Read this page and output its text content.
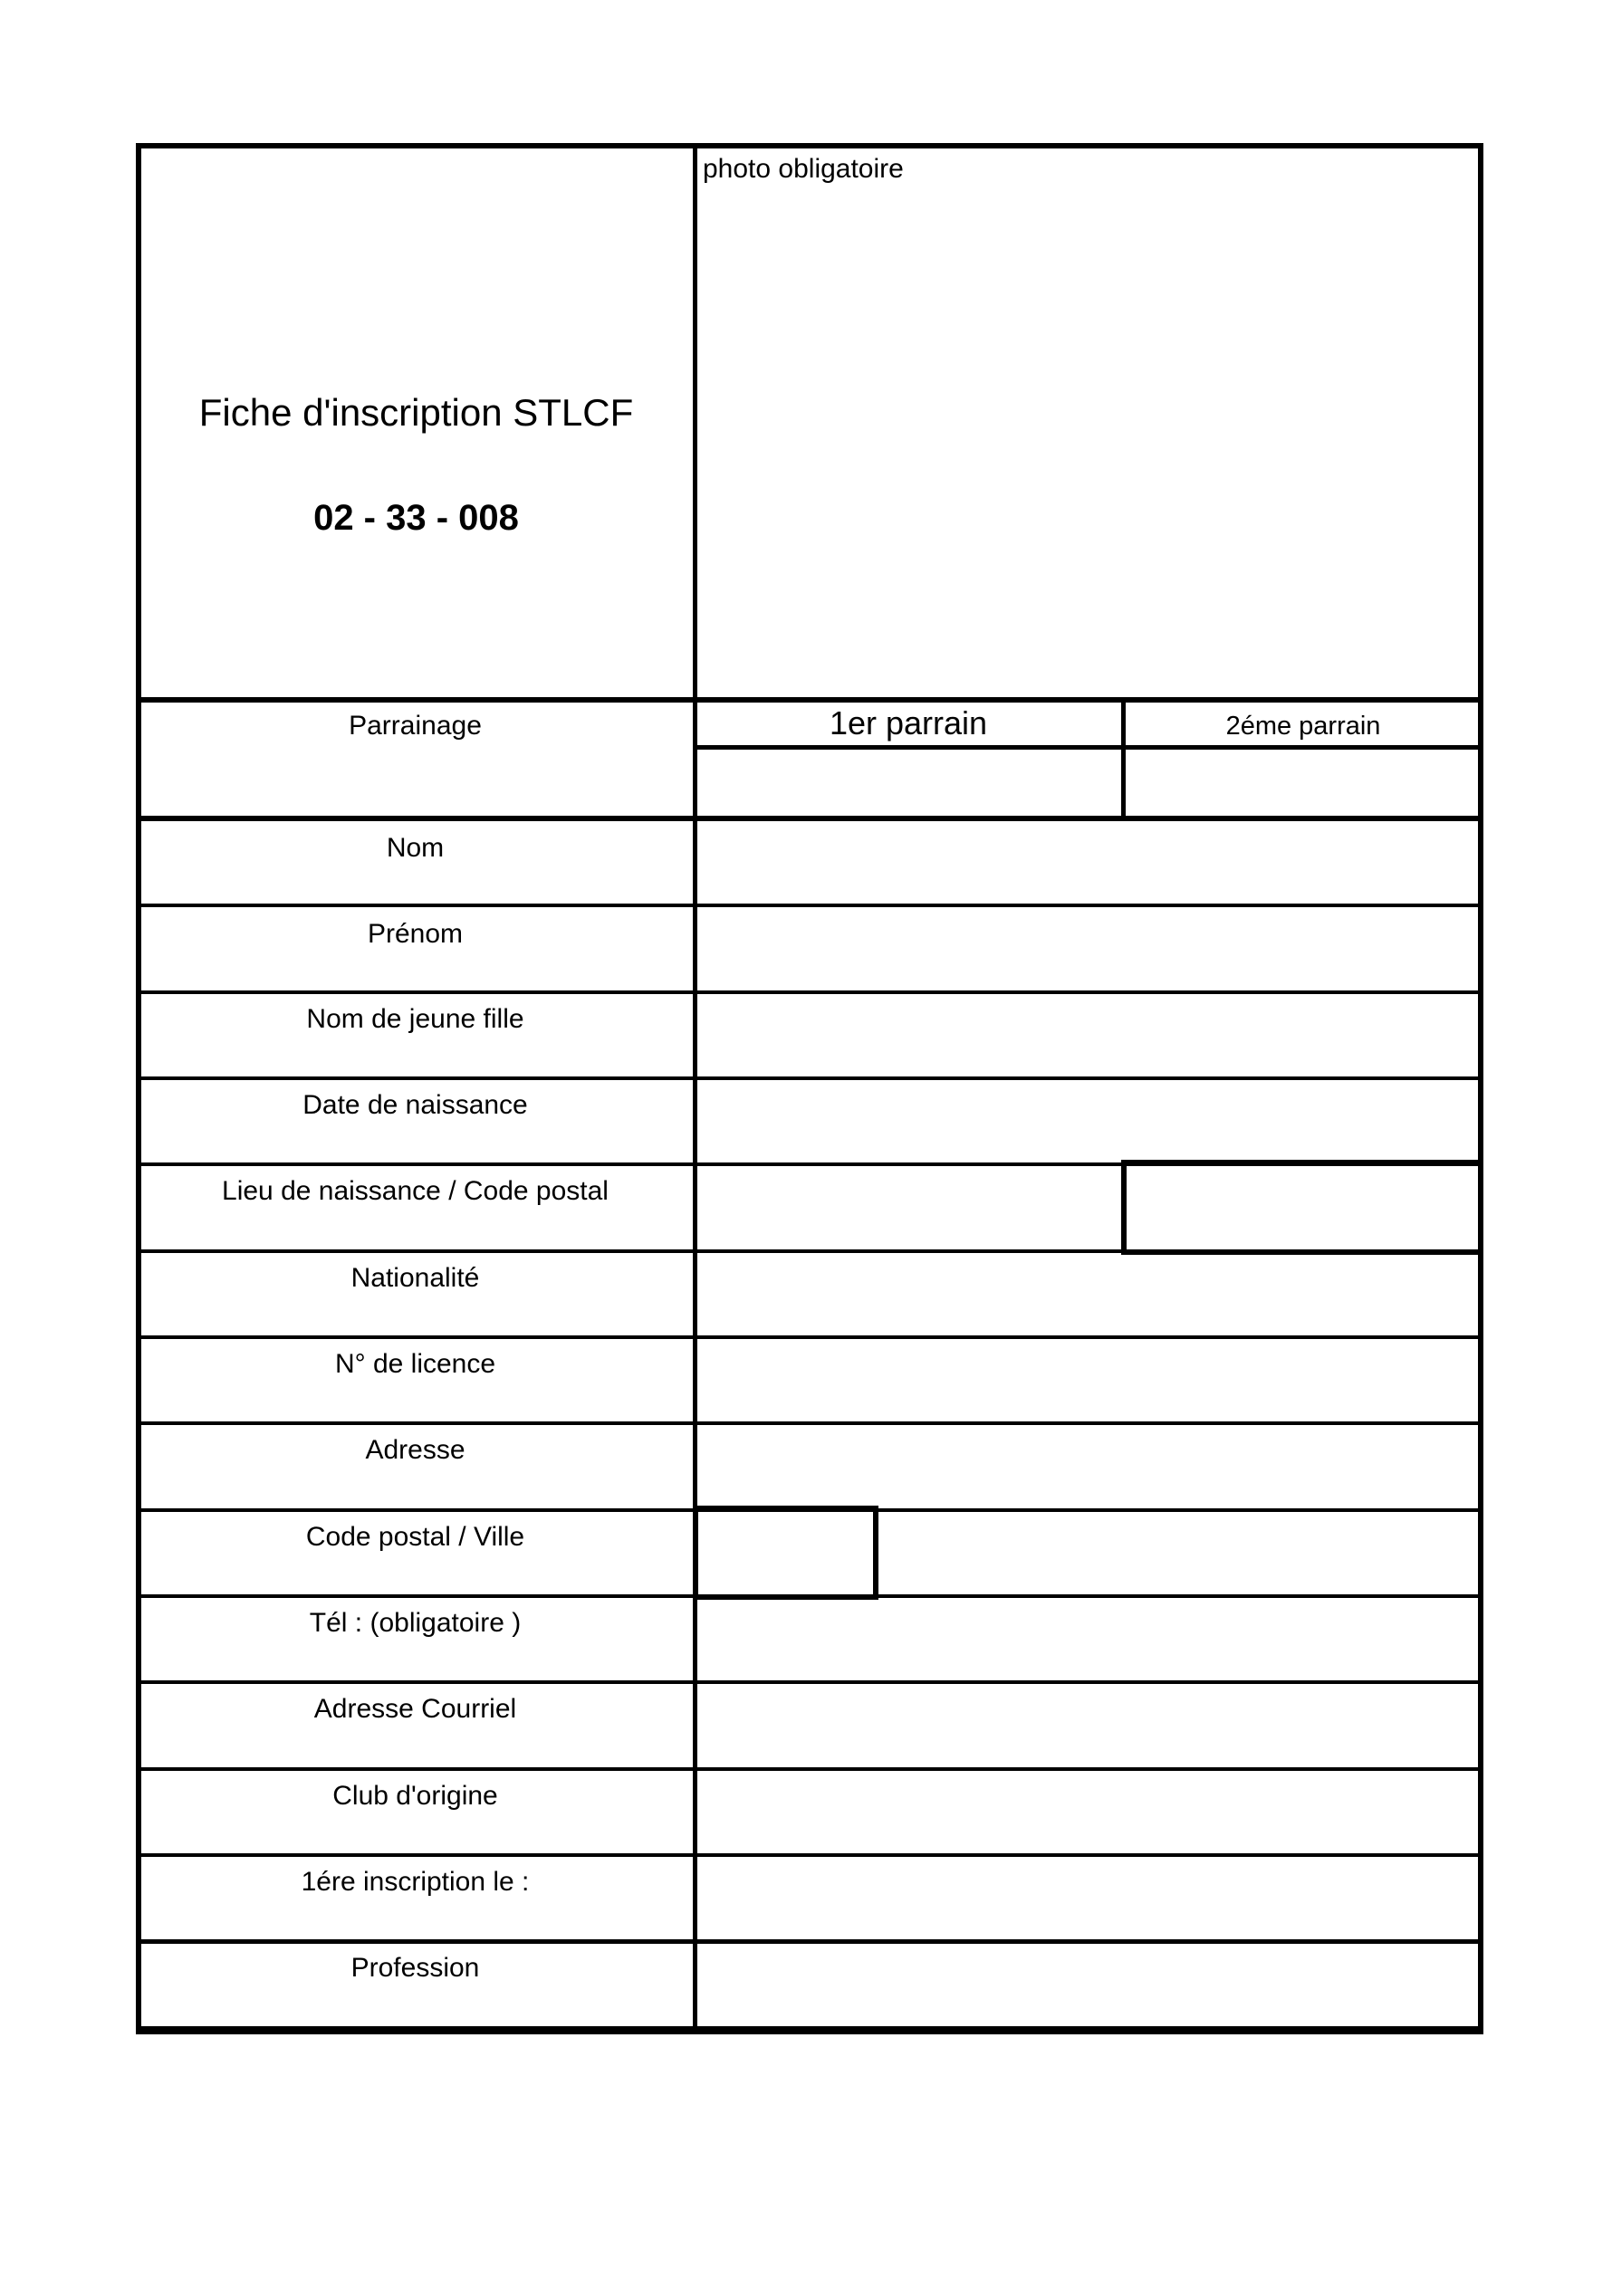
Fiche d'inscription STLCF
02 - 33 - 008
photo obligatoire
Parrainage	1er parrain	2éme parrain
Nom
Prénom
Nom de jeune fille
Date de naissance
Lieu de naissance / Code postal
Nationalité
N° de licence
Adresse
Code postal / Ville
Tél : (obligatoire )
Adresse Courriel
Club d'origine
1ére inscription le :
Profession
